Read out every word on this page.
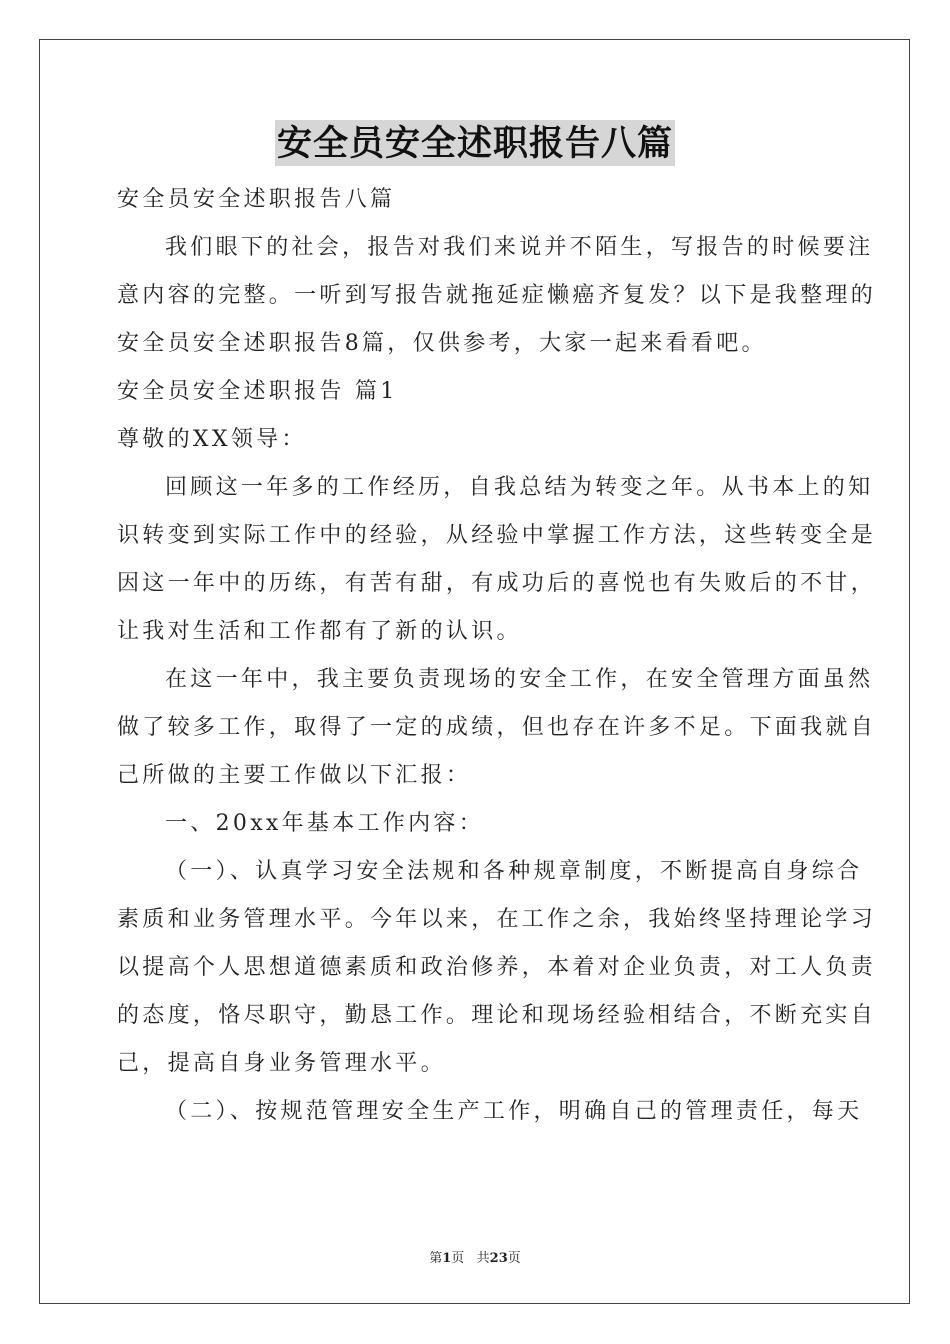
安全员安全述职报告八篇
安全员安全述职报告八篇
我们眼下的社会，报告对我们来说并不陌生，写报告的时候要注
意内容的完整。一听到写报告就拖延症懒癌齐复发？以下是我整理的
安全员安全述职报告8篇，仅供参考，大家一起来看看吧。
安全员安全述职报告 篇1
尊敬的XX领导：
回顾这一年多的工作经历，自我总结为转变之年。从书本上的知
识转变到实际工作中的经验，从经验中掌握工作方法，这些转变全是
因这一年中的历练，有苦有甜，有成功后的喜悦也有失败后的不甘，
让我对生活和工作都有了新的认识。
在这一年中，我主要负责现场的安全工作，在安全管理方面虽然
做了较多工作，取得了一定的成绩，但也存在许多不足。下面我就自
己所做的主要工作做以下汇报：
一、20xx年基本工作内容：
（一）、认真学习安全法规和各种规章制度，不断提高自身综合
素质和业务管理水平。今年以来，在工作之余，我始终坚持理论学习
以提高个人思想道德素质和政治修养，本着对企业负责，对工人负责
的态度，恪尽职守，勤恳工作。理论和现场经验相结合，不断充实自
己，提高自身业务管理水平。
（二）、按规范管理安全生产工作，明确自己的管理责任，每天
第1页   共23页
